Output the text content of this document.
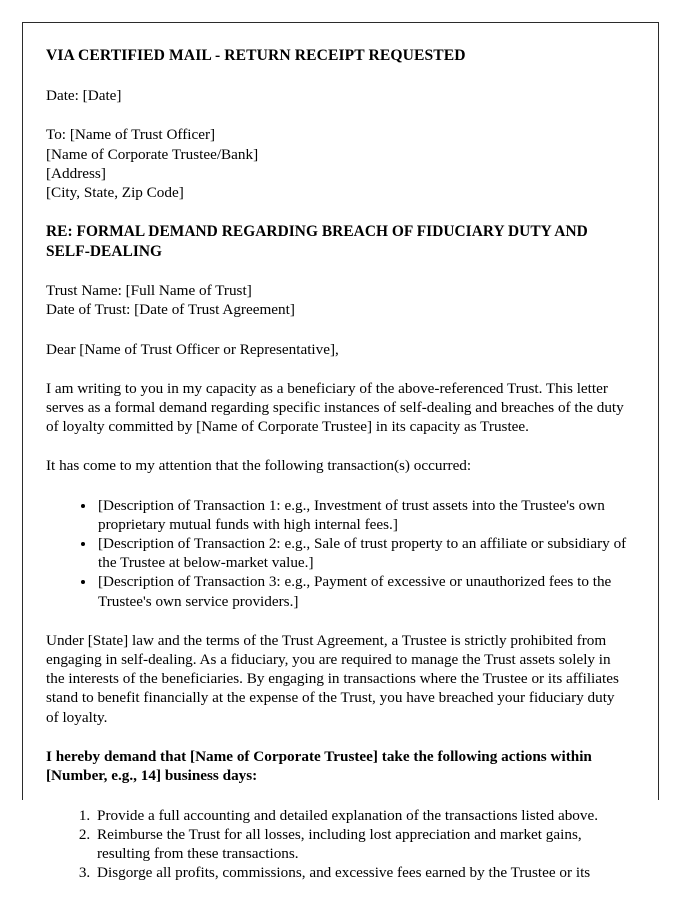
VIA CERTIFIED MAIL - RETURN RECEIPT REQUESTED
Date: [Date]
To: [Name of Trust Officer]
[Name of Corporate Trustee/Bank]
[Address]
[City, State, Zip Code]
RE: FORMAL DEMAND REGARDING BREACH OF FIDUCIARY DUTY AND SELF-DEALING
Trust Name: [Full Name of Trust]
Date of Trust: [Date of Trust Agreement]
Dear [Name of Trust Officer or Representative],
I am writing to you in my capacity as a beneficiary of the above-referenced Trust. This letter serves as a formal demand regarding specific instances of self-dealing and breaches of the duty of loyalty committed by [Name of Corporate Trustee] in its capacity as Trustee.
It has come to my attention that the following transaction(s) occurred:
• [Description of Transaction 1: e.g., Investment of trust assets into the Trustee's own proprietary mutual funds with high internal fees.]
• [Description of Transaction 2: e.g., Sale of trust property to an affiliate or subsidiary of the Trustee at below-market value.]
• [Description of Transaction 3: e.g., Payment of excessive or unauthorized fees to the Trustee's own service providers.]
Under [State] law and the terms of the Trust Agreement, a Trustee is strictly prohibited from engaging in self-dealing. As a fiduciary, you are required to manage the Trust assets solely in the interests of the beneficiaries. By engaging in transactions where the Trustee or its affiliates stand to benefit financially at the expense of the Trust, you have breached your fiduciary duty of loyalty.
I hereby demand that [Name of Corporate Trustee] take the following actions within [Number, e.g., 14] business days:
1. Provide a full accounting and detailed explanation of the transactions listed above.
2. Reimburse the Trust for all losses, including lost appreciation and market gains, resulting from these transactions.
3. Disgorge all profits, commissions, and excessive fees earned by the Trustee or its
